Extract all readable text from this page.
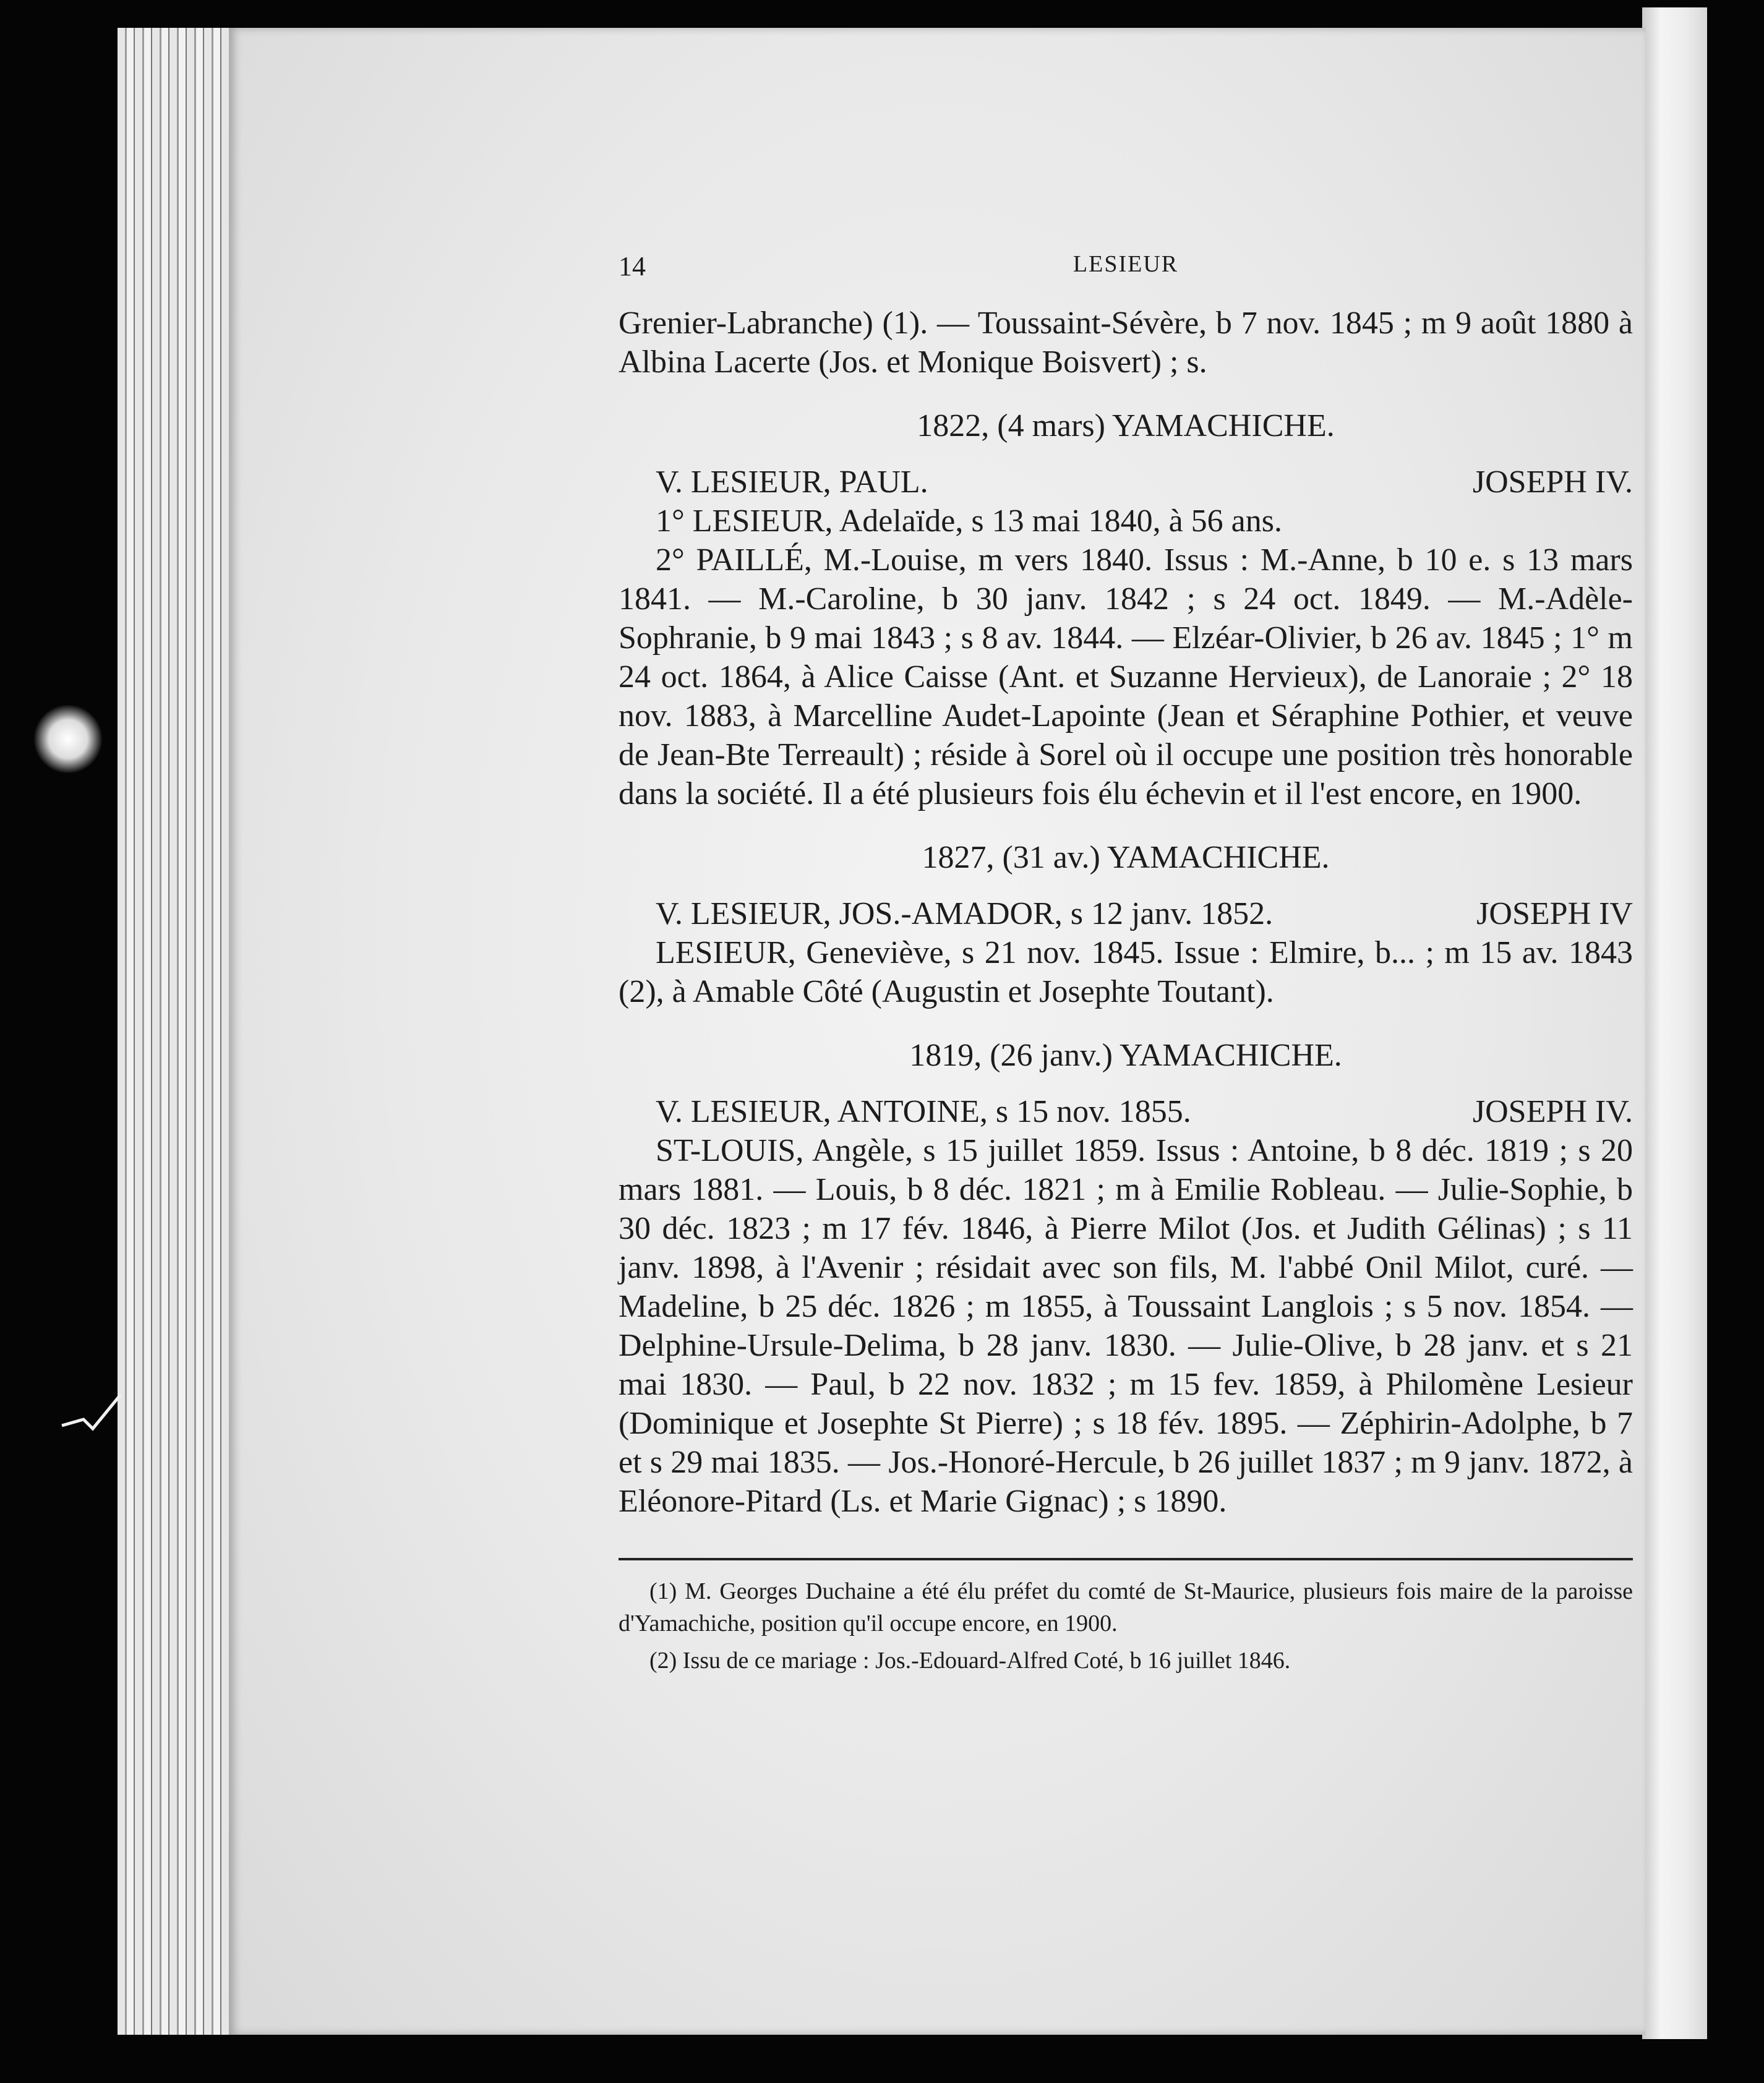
14	LESIEUR

Grenier-Labranche) (1). — Toussaint-Sévère, b 7 nov. 1845 ; m 9 août 1880 à Albina Lacerte (Jos. et Monique Boisvert) ; s.

1822, (4 mars) YAMACHICHE.

V. LESIEUR, PAUL.	JOSEPH IV.

1° LESIEUR, Adelaïde, s 13 mai 1840, à 56 ans.

2° PAILLÉ, M.-Louise, m vers 1840. Issus : M.-Anne, b 10 e. s 13 mars 1841. — M.-Caroline, b 30 janv. 1842 ; s 24 oct. 1849. — M.-Adèle-Sophranie, b 9 mai 1843 ; s 8 av. 1844. — Elzéar-Olivier, b 26 av. 1845 ; 1° m 24 oct. 1864, à Alice Caisse (Ant. et Suzanne Hervieux), de Lanoraie ; 2° 18 nov. 1883, à Marcelline Audet-Lapointe (Jean et Séraphine Pothier, et veuve de Jean-Bte Terreault) ; réside à Sorel où il occupe une position très honorable dans la société. Il a été plusieurs fois élu échevin et il l'est encore, en 1900.

1827, (31 av.) YAMACHICHE.

V. LESIEUR, JOS.-AMADOR, s 12 janv. 1852.	JOSEPH IV

LESIEUR, Geneviève, s 21 nov. 1845. Issue : Elmire, b... ; m 15 av. 1843 (2), à Amable Côté (Augustin et Josephte Toutant).

1819, (26 janv.) YAMACHICHE.

V. LESIEUR, ANTOINE, s 15 nov. 1855.	JOSEPH IV.

ST-LOUIS, Angèle, s 15 juillet 1859. Issus : Antoine, b 8 déc. 1819 ; s 20 mars 1881. — Louis, b 8 déc. 1821 ; m à Emilie Robleau. — Julie-Sophie, b 30 déc. 1823 ; m 17 fév. 1846, à Pierre Milot (Jos. et Judith Gélinas) ; s 11 janv. 1898, à l'Avenir ; résidait avec son fils, M. l'abbé Onil Milot, curé. — Madeline, b 25 déc. 1826 ; m 1855, à Toussaint Langlois ; s 5 nov. 1854. — Delphine-Ursule-Delima, b 28 janv. 1830. — Julie-Olive, b 28 janv. et s 21 mai 1830. — Paul, b 22 nov. 1832 ; m 15 fev. 1859, à Philomène Lesieur (Dominique et Josephte St Pierre) ; s 18 fév. 1895. — Zéphirin-Adolphe, b 7 et s 29 mai 1835. — Jos.-Honoré-Hercule, b 26 juillet 1837 ; m 9 janv. 1872, à Eléonore-Pitard (Ls. et Marie Gignac) ; s 1890.

(1) M. Georges Duchaine a été élu préfet du comté de St-Maurice, plusieurs fois maire de la paroisse d'Yamachiche, position qu'il occupe encore, en 1900.

(2) Issu de ce mariage : Jos.-Edouard-Alfred Coté, b 16 juillet 1846.
